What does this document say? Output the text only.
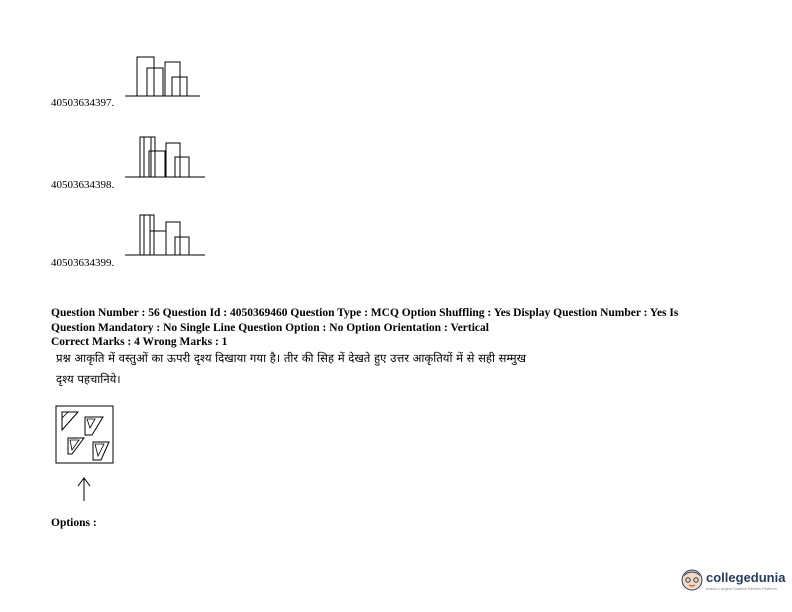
40503634397.
40503634398.
40503634399.
Question Number : 56 Question Id : 4050369460 Question Type : MCQ Option Shuffling : Yes Display Question Number : Yes Is
Question Mandatory : No Single Line Question Option : No Option Orientation : Vertical
Correct Marks : 4 Wrong Marks : 1
प्रश्न आकृति में वस्तुओं का ऊपरी दृश्य दिखाया गया है। तीर की सिह में देखते हुए उत्तर आकृतियों में से सही सम्मुख
दृश्य पहचानिये।
Options :
collegedunia
India's Largest Student Review Platform
